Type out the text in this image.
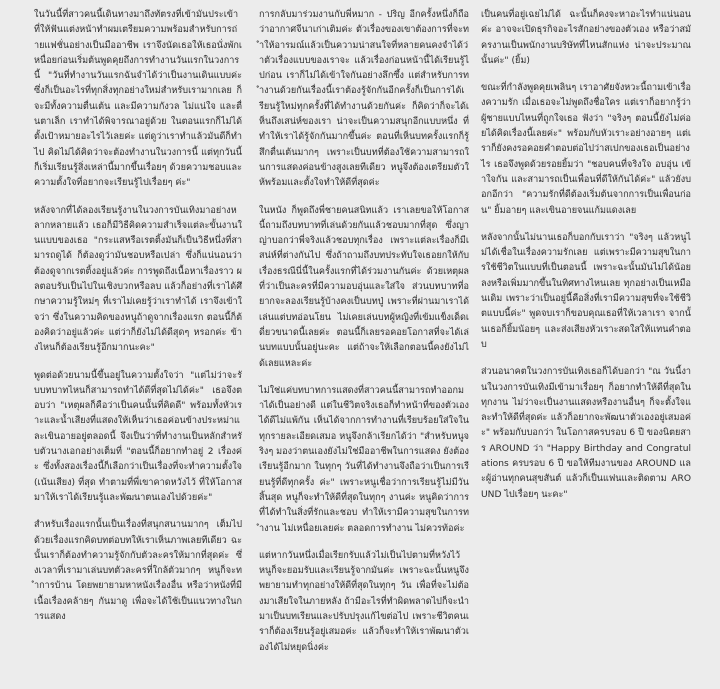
ในวันนี้ที่สาวคนนี้เดินทางมาถึงทัตรงที่เข้ามันประเข้าที่ให้ฟันแต่งหน้าทำผมเตรียมความพร้อมสำหรับการถ่ายแฟชั่นอย่างเป็นมืออาชีพ เราจึงนัดเธอให้เธอนั่งพักเหนื่อยก่อนเริ่มต้นพูดคุยถึงการทำงานวันแรกในวงการนี้ "วันที่ทำงานวันแรกฉันจำได้ว่าเป็นงานเดินแบบค่ะ ซึ่งก็เป็นอะไรที่ทุกสิ่งทุกอย่างใหม่สำหรับเรามากเลย ก็จะมีทั้งความตื่นเต้น และมีความกังวล ไม่แน่ใจ และตื่นตาเล็ก เราทำได้พิจารณาอยู่ด้วย ในตอนแรกก็ไม่ได้ตั้งเป้าหมายอะไรไว้เลยค่ะ แต่ดูว่าเราทำแล้วมันดีก็ทำไป คิดไม่ได้คิดว่าจะต้องทำงานในวงการนี้ แต่ทุกวันนี้ก็เริ่มเรียนรู้สิ่งเหล่านี้มากขึ้นเรื่อยๆ ด้วยความชอบและความตั้งใจที่อยากจะเรียนรู้ไปเรื่อยๆ ค่ะ"

หลังจากที่ได้ลองเรียนรู้งานในวงการบันเทิงมาอย่างหลากหลายแล้ว เธอก็มีวิธีคิดความสำเร็จแต่ละขั้นงานในแบบของเธอ "กระแสหรือเรตติ้งมันก็เป็นวิธีหนึ่งที่สามารถดูได้ ก็ต้องดูว่ามันชอบหรือเปล่า ซึ่งก็แน่นอนว่าต้องดูจากเรตติ้งอยู่แล้วค่ะ การพูดถึงเนื้อหาเรื่องราว ผลตอบรับเป็นไปในเชิงบวกหรือลบ แล้วก็อย่างที่เราได้ศึกษาความรู้ใหม่ๆ ที่เราไม่เคยรู้ว่าเราทำได้ เราจึงเข้าใจว่า ซึ่งในความคิดของหนูถ้าดูจากเรื่องแรก ตอนนี้ก็ต้องคิดว่าอยู่แล้วค่ะ แต่ว่าก็ยังไม่ได้ดีสุดๆ หรอกค่ะ ข้างไหนก็ต้องเรียนรู้อีกมากนะคะ"

พูดต่อด้วยนามนี้ขึ้นอยู่ในความตั้งใจว่า "แต่ไม่ว่าจะรับบทบาทไหนก็สามารถทำได้ดีที่สุดไม่ได้ค่ะ" เธอจึงตอบว่า "เหตุผลก็คือว่าเป็นคนนั้นที่คิดดี" พร้อมทั้งหัวเราะและน้ำเสียงที่แสดงให้เห็นว่าเธอค่อนข้างประหม่าและเขินอายอยู่ตลอดนี้ จึงเป็นว่าที่ทำงานเป็นหลักสำหรับตัวนางเอกอย่างเต็มที่ "ตอนนี้ก็อยากทำอยู่ 2 เรื่องค่ะ ซึ่งทั้งสองเรื่องนี้ก็เลือกว่าเป็นเรื่องที่จะทำความตั้งใจ (เน้นเสียง) ที่สุด ทำตามที่พี่เขาคาดหวังไว้ ที่ให้โอกาสมาให้เราได้เรียนรู้และพัฒนาตนเองไปด้วยค่ะ"

สำหรับเรื่องแรกนั้นเป็นเรื่องที่สนุกสนานมากๆ เต็มไปด้วยเรื่องแรกคิดบทต่อบทให้เราเห็นภาพเลยทีเดียว ฉะนั้นเราก็ต้องทำความรู้จักกับตัวละครให้มากที่สุดค่ะ ซึ่งเวลาที่เรามาเล่นบทตัวละครที่ใกล้ตัวมากๆ หนูก็จะทำการบ้าน โดยพยายามหาหนังเรื่องอื่น หรือว่าหนังที่มีเนื้อเรื่องคล้ายๆ กันมาดู เพื่อจะได้ใช้เป็นแนวทางในการแสดง

การกลับมาร่วมงานกับพี่หมาก - ปริญ อีกครั้งหนึ่งก็ถือว่าอากาศจีนาเก่าเติมค่ะ ตัวเรื่องของเขาต้องการที่จะทำให้อารมณ์แล้วเป็นความน่าสนใจที่หลายคนคงจำได้ว่าตัวเรื่องแบบของเราจะ แล้วเรื่องก่อนหน้านี้ได้เรียนรู้ไปก่อน เราก็ไม่ได้เข้าใจกันอย่างลึกซึ้ง แต่สำหรับการทำงานด้วยกันเรื่องนี้เราต้องรู้จักกันอีกครั้งก็เป็นการได้เรียนรู้ใหม่ทุกครั้งที่ได้ทำงานด้วยกันค่ะ ก็คิดว่าก็จะได้เห็นถึงเสน่ห์ของเรา น่าจะเป็นความสนุกอีกแบบหนึ่ง ที่ทำให้เราได้รู้จักกันมากขึ้นค่ะ ตอนที่เห็นบทครั้งแรกก็รู้สึกตื่นเต้นมากๆ เพราะเป็นบทที่ต้องใช้ความสามารถในการแสดงค่อนข้างสูงเลยทีเดียว หนูจึงต้องเตรียมตัวให้พร้อมและตั้งใจทำให้ดีที่สุดค่ะ

ในหนัง ก็พูดถึงพี่ชายคนสนิทแล้ว เราเลยขอให้โอกาสนี้ถามถึงบทบาทที่เล่นด้วยกันแล้วชอบมากที่สุด ซึ่งญาญ่าบอกว่าพี่จริงแล้วชอบทุกเรื่อง เพราะแต่ละเรื่องก็มีเสน่ห์ที่ต่างกันไป ซึ่งถ้าถามถึงบทประทับใจเธอยกให้กับเรื่องธรณีนี่นี้ในครั้งแรกที่ได้ร่วมงานกันค่ะ ด้วยเหตุผลที่ว่าเป็นละครที่มีความอบอุ่นและใส่ใจ ส่วนบทบาทที่อยากจะลองเรียนรู้บ้างคงเป็นบทปู่ เพราะที่ผ่านมาเราได้เล่นแต่บทอ่อนโยน ไม่เคยเล่นบทผู้หญิงที่เข้มแข็งเด็ดเดี่ยวขนาดนี้เลยค่ะ ตอนนี้ก็เลยรอคอยโอกาสที่จะได้เล่นบทแบบนั้นอยู่นะคะ แต่ถ้าจะให้เลือกตอนนี้คงยังไม่ได้เลยแหละค่ะ

ไม่ใช่แค่บทบาทการแสดงที่สาวคนนี้สามารถทำออกมาได้เป็นอย่างดี แต่ในชีวิตจริงเธอก็ทำหน้าที่ของตัวเองได้ดีไม่แพ้กัน เห็นได้จากการทำงานที่เรียบร้อยใส่ใจในทุกรายละเอียดเสมอ หนูจึงกล้าเรียกได้ว่า "สำหรับหนูจริงๆ มองว่าตนเองยังไม่ใช่มืออาชีพในการแสดง ยังต้องเรียนรู้อีกมาก ในทุกๆ วันที่ได้ทำงานจึงถือว่าเป็นการเรียนรู้ที่ดีทุกครั้ง ค่ะ" เพราะหนูเชื่อว่าการเรียนรู้ไม่มีวันสิ้นสุด หนูก็จะทำให้ดีที่สุดในทุกๆ งานค่ะ หนูคิดว่าการที่ได้ทำในสิ่งที่รักและชอบ ทำให้เรามีความสุขในการทำงาน ไม่เหนื่อยเลยค่ะ ตลอดการทำงาน ไม่ควรท้อค่ะ

แต่หากวันหนึ่งเมื่อเรียกรับแล้วไม่เป็นไปตามที่หวังไว้ หนูก็จะยอมรับและเรียนรู้จากมันค่ะ เพราะฉะนั้นหนูจึงพยายามทำทุกอย่างให้ดีที่สุดในทุกๆ วัน เพื่อที่จะไม่ต้องมาเสียใจในภายหลัง ถ้ามีอะไรที่ทำผิดพลาดไปก็จะนำมาเป็นบทเรียนและปรับปรุงแก้ไขต่อไป เพราะชีวิตคนเราก็ต้องเรียนรู้อยู่เสมอค่ะ แล้วก็จะทำให้เราพัฒนาตัวเองได้ไม่หยุดนิ่งค่ะ

เป็นคนที่อยู่เฉยไม่ได้ ฉะนั้นก็คงจะหาอะไรทำแน่นอนค่ะ อาจจะเปิดธุรกิจอะไรสักอย่างของตัวเอง หรือว่าสมัครงานเป็นพนักงานบริษัทที่ไหนสักแห่ง น่าจะประมาณนั้นค่ะ" (ยิ้ม)

ขณะที่กำลังพูดคุยเพลินๆ เราอาศัยจังหวะนี้ถามเข้าเรื่องความรัก เมื่อเธอจะไม่พูดถึงชื่อใคร แต่เราก็อยากรู้ว่าผู้ชายแบบไหนที่ถูกใจเธอ ฟังว่า "จริงๆ ตอนนี้ยังไม่ค่อยได้คิดเรื่องนี้เลยค่ะ" พร้อมกับหัวเราะอย่างอายๆ แต่เราก็ยังคงรอคอยคำตอบต่อไปว่าสเปกของเธอเป็นอย่างไร เธอจึงพูดด้วยรอยยิ้มว่า "ชอบคนที่จริงใจ อบอุ่น เข้าใจกัน และสามารถเป็นเพื่อนที่ดีให้กันได้ค่ะ" แล้วยังบอกอีกว่า "ความรักที่ดีต้องเริ่มต้นจากการเป็นเพื่อนก่อน" ยิ้มอายๆ และเขินอายจนแก้มแดงเลย

หลังจากนั้นไม่นานเธอก็บอกกับเราว่า "จริงๆ แล้วหนูไม่ได้เชื่อในเรื่องความรักเลย แต่เพราะมีความสุขในการใช้ชีวิตในแบบที่เป็นตอนนี้ เพราะฉะนั้นมันไม่ได้น้อยลงหรือเพิ่มมากขึ้นในทิศทางไหนเลย ทุกอย่างเป็นเหมือนเดิม เพราะว่าเป็นอยู่นี้คือสิ่งที่เรามีความสุขที่จะใช้ชีวิตแบบนี้ค่ะ" พูดจบเราก็ขอบคุณเธอที่ให้เวลาเรา จากนั้นเธอก็ยิ้มน้อยๆ และส่งเสียงหัวเราะสดใสให้แทนคำตอบ

ส่วนอนาคตในวงการบันเทิงเธอก็ได้บอกว่า "ณ วันนี้งานในวงการบันเทิงมีเข้ามาเรื่อยๆ ก็อยากทำให้ดีที่สุดในทุกงาน ไม่ว่าจะเป็นงานแสดงหรืองานอื่นๆ ก็จะตั้งใจและทำให้ดีที่สุดค่ะ แล้วก็อยากจะพัฒนาตัวเองอยู่เสมอค่ะ" พร้อมกับบอกว่า ในโอกาสครบรอบ 6 ปี ของนิตยสาร AROUND ว่า "Happy Birthday and Congratulations ครบรอบ 6 ปี ขอให้ทีมงานของ AROUND และผู้อ่านทุกคนสุขสันต์ แล้วก็เป็นแฟนและติดตาม AROUND ไปเรื่อยๆ นะคะ"
